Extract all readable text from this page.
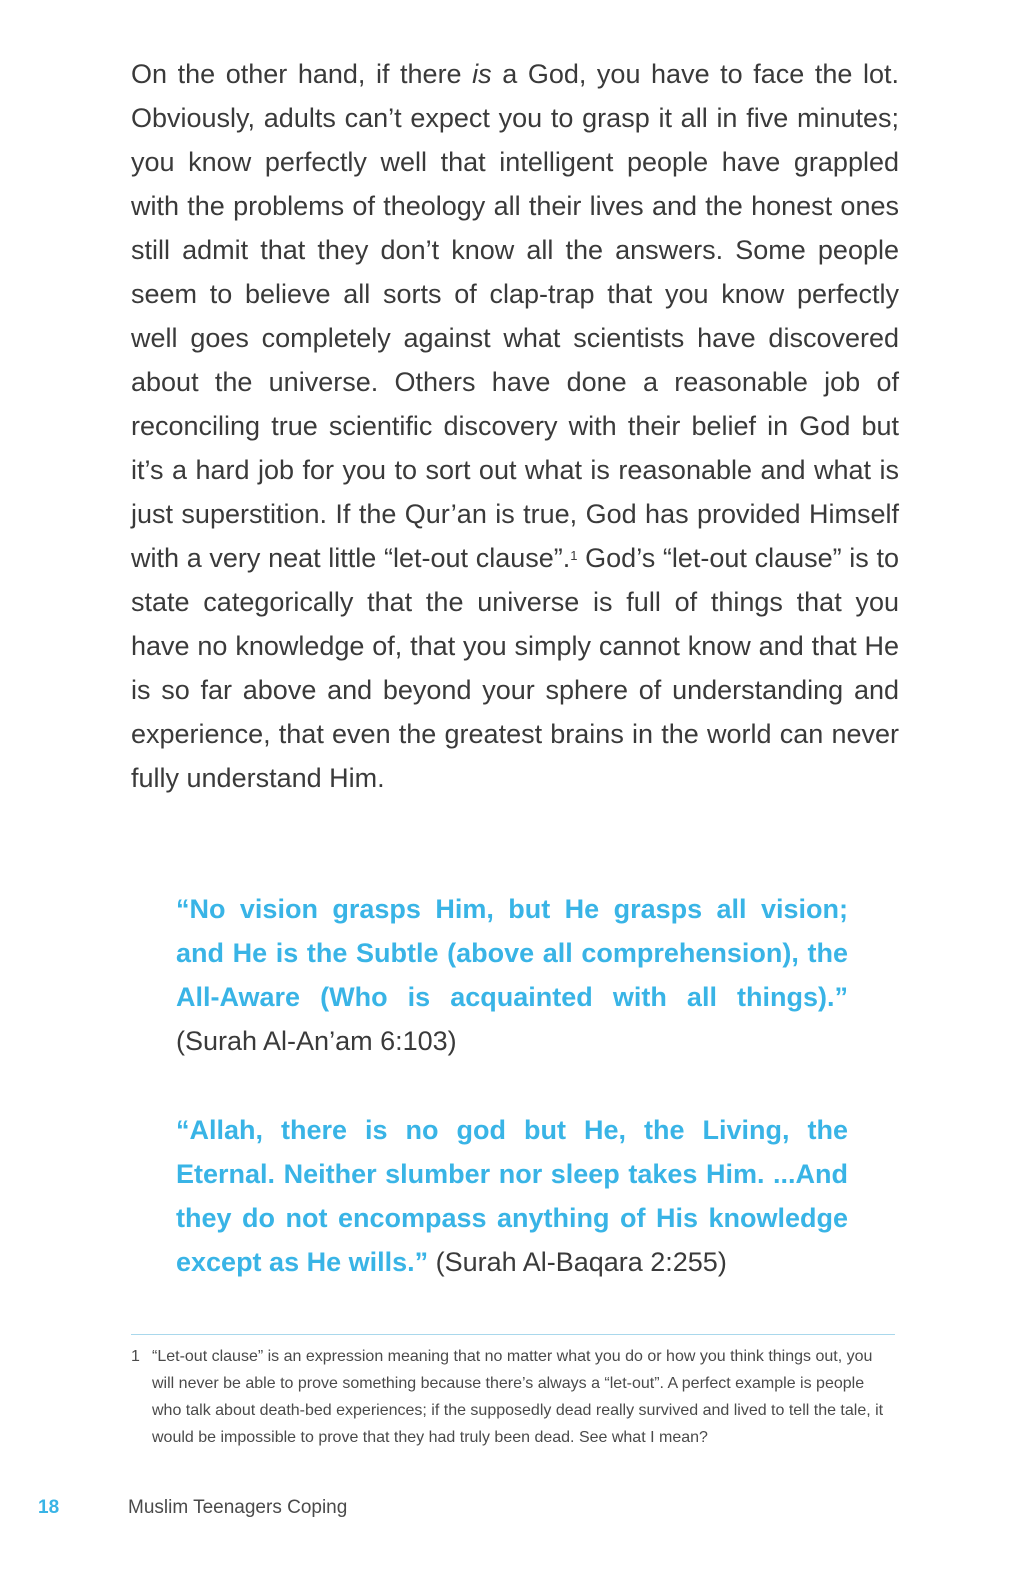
On the other hand, if there is a God, you have to face the lot. Obviously, adults can’t expect you to grasp it all in five minutes; you know perfectly well that intelligent people have grappled with the problems of theology all their lives and the honest ones still admit that they don’t know all the answers. Some people seem to believe all sorts of clap-trap that you know perfectly well goes completely against what scientists have discovered about the universe. Others have done a reasonable job of reconciling true scientific discovery with their belief in God but it’s a hard job for you to sort out what is reasonable and what is just superstition. If the Qur’an is true, God has provided Himself with a very neat little “let-out clause”.$^1$ God’s “let-out clause” is to state categorically that the universe is full of things that you have no knowledge of, that you simply cannot know and that He is so far above and beyond your sphere of understanding and experience, that even the greatest brains in the world can never fully understand Him.

“No vision grasps Him, but He grasps all vision; and He is the Subtle (above all comprehension), the All-Aware (Who is acquainted with all things).” (Surah Al-An’am 6:103)

“Allah, there is no god but He, the Living, the Eternal. Neither slumber nor sleep takes Him. ...And they do not encompass anything of His knowledge except as He wills.” (Surah Al-Baqara 2:255)

1 “Let-out clause” is an expression meaning that no matter what you do or how you think things out, you will never be able to prove something because there’s always a “let-out”. A perfect example is people who talk about death-bed experiences; if the supposedly dead really survived and lived to tell the tale, it would be impossible to prove that they had truly been dead. See what I mean?
18	Muslim Teenagers Coping
